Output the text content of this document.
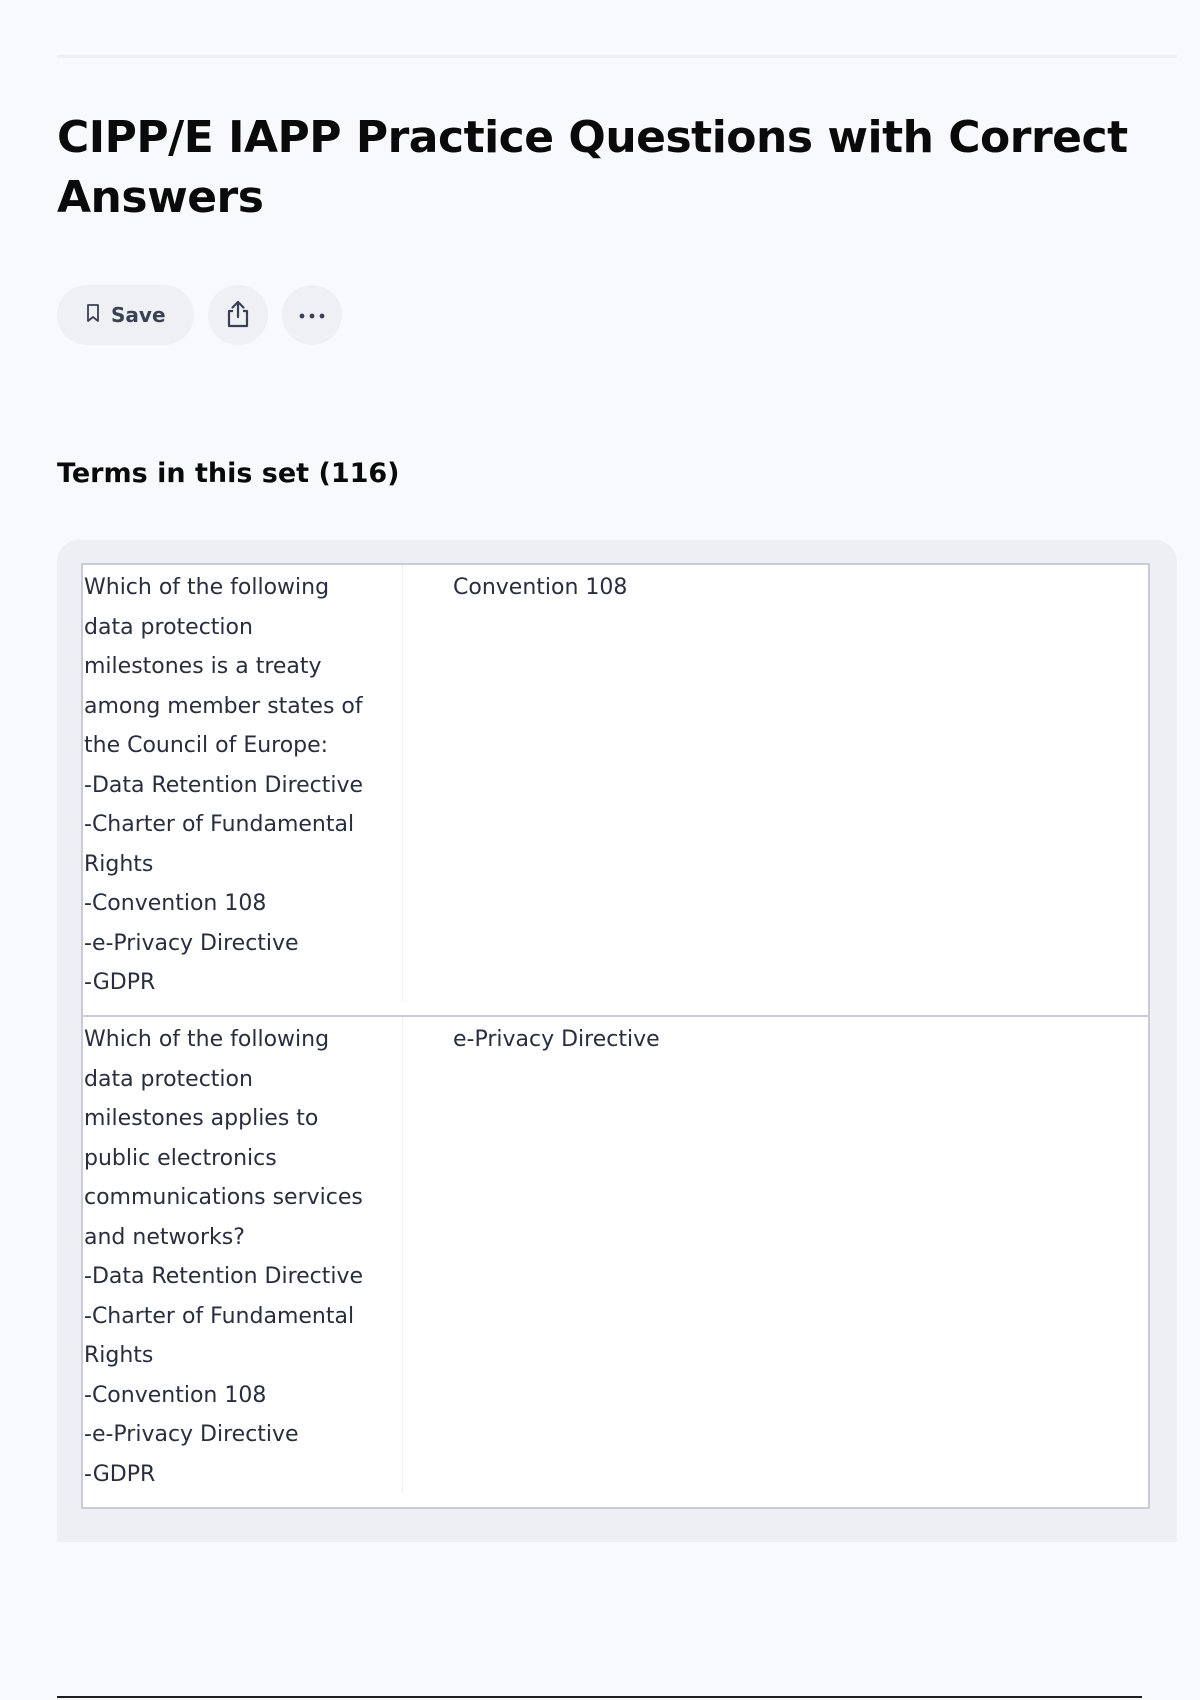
CIPP/E IAPP Practice Questions with Correct Answers
Save
Terms in this set (116)
Which of the following
data protection
milestones is a treaty
among member states of
the Council of Europe:
-Data Retention Directive
-Charter of Fundamental
Rights
-Convention 108
-e-Privacy Directive
-GDPR
Convention 108
Which of the following
data protection
milestones applies to
public electronics
communications services
and networks?
-Data Retention Directive
-Charter of Fundamental
Rights
-Convention 108
-e-Privacy Directive
-GDPR
e-Privacy Directive
